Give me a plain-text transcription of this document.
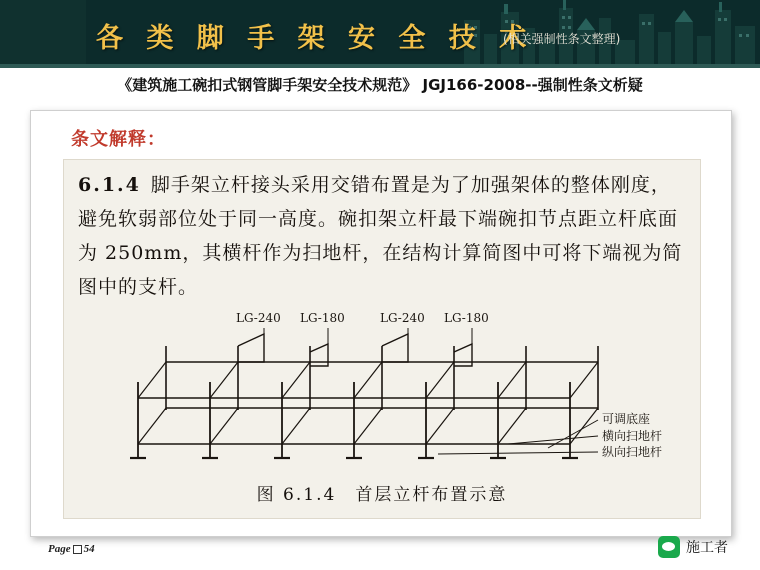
各 类 脚 手 架 安 全 技 术
(相关强制性条文整理)
《建筑施工碗扣式钢管脚手架安全技术规范》 JGJ166-2008--强制性条文析疑
条文解释：
6.1.4 脚手架立杆接头采用交错布置是为了加强架体的整体刚度，避免软弱部位处于同一高度。碗扣架立杆最下端碗扣节点距立杆底面为 250mm，其横杆作为扫地杆，在结构计算简图中可将下端视为简图中的支杆。
LG-240 LG-180	LG-240 LG-180
可调底座
横向扫地杆
纵向扫地杆
图 6.1.4　首层立杆布置示意
Page 54	施工者
